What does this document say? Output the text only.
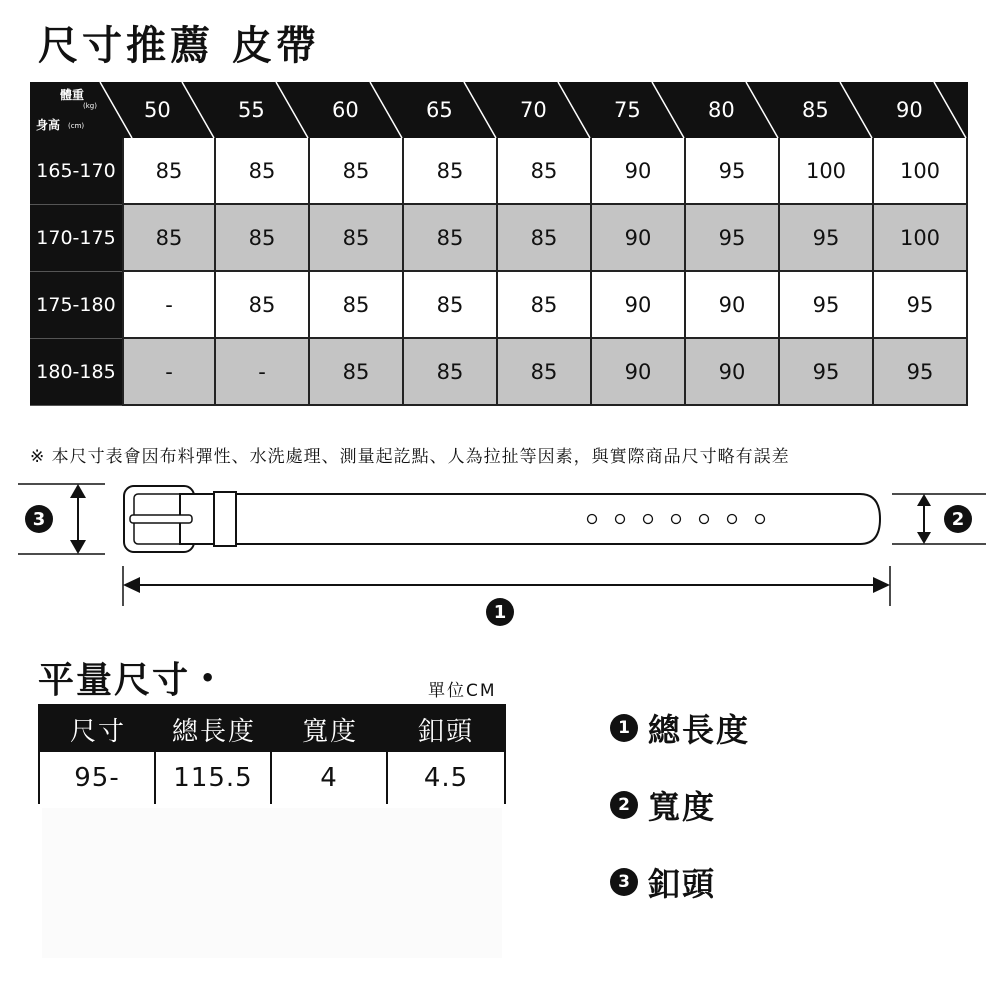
尺寸推薦 皮帶
體重
(kg)
身高 (cm)
50	55	60	65	70	75	80	85	90
165-170	85	85	85	85	85	90	95	100	100
170-175	85	85	85	85	85	90	95	95	100
175-180	-	85	85	85	85	90	90	95	95
180-185	-	-	85	85	85	90	90	95	95
※ 本尺寸表會因布料彈性、水洗處理、測量起訖點、人為拉扯等因素，與實際商品尺寸略有誤差
3	2
1
平量尺寸 •	單位CM
尺寸	總長度	寬度	釦頭
95-	115.5	4	4.5
1 總長度
2 寬度
3 釦頭
